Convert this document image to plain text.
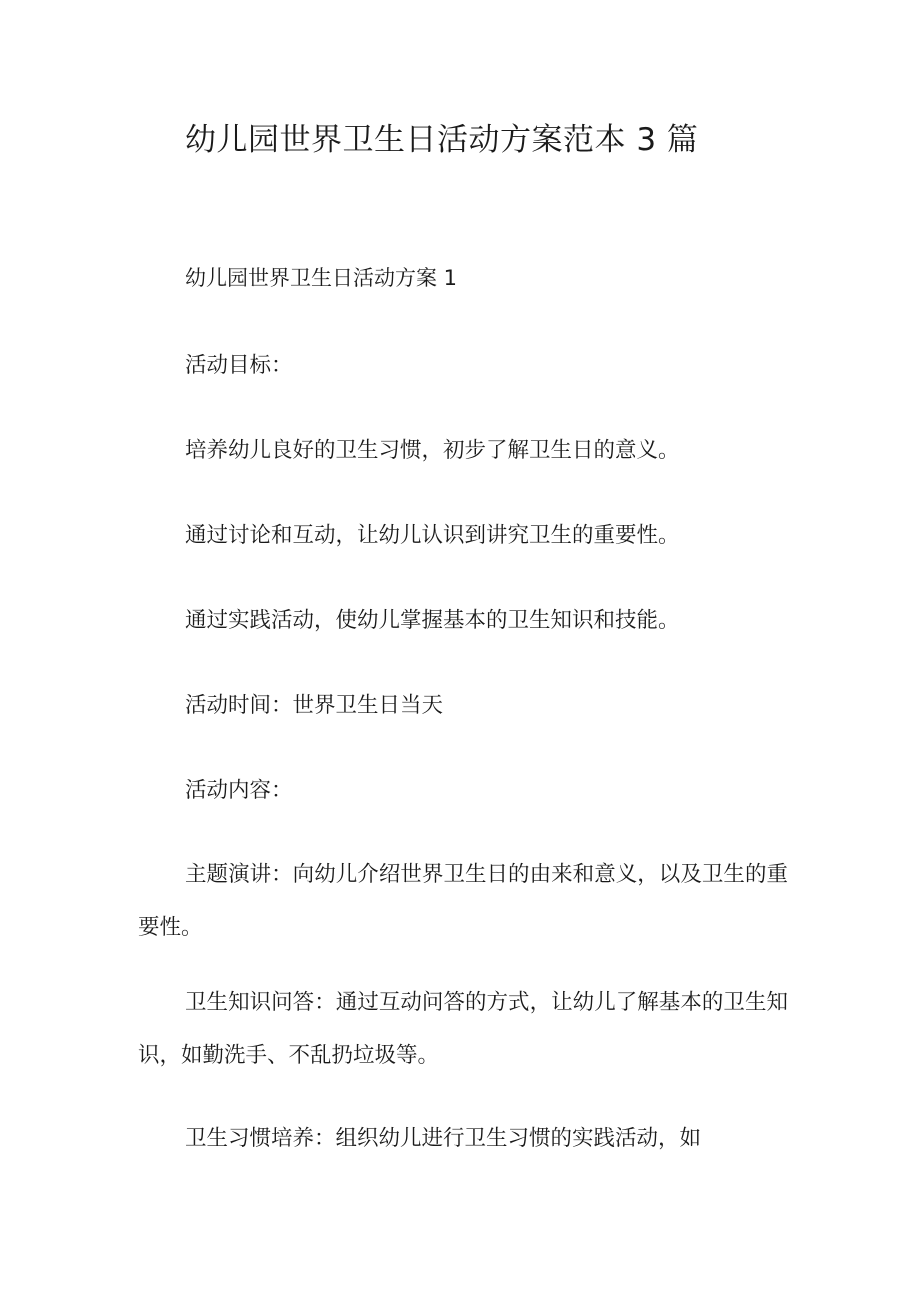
幼儿园世界卫生日活动方案范本 3 篇

幼儿园世界卫生日活动方案 1

活动目标：

培养幼儿良好的卫生习惯，初步了解卫生日的意义。

通过讨论和互动，让幼儿认识到讲究卫生的重要性。

通过实践活动，使幼儿掌握基本的卫生知识和技能。

活动时间：世界卫生日当天

活动内容：

主题演讲：向幼儿介绍世界卫生日的由来和意义，以及卫生的重要性。

卫生知识问答：通过互动问答的方式，让幼儿了解基本的卫生知识，如勤洗手、不乱扔垃圾等。

卫生习惯培养：组织幼儿进行卫生习惯的实践活动，如
